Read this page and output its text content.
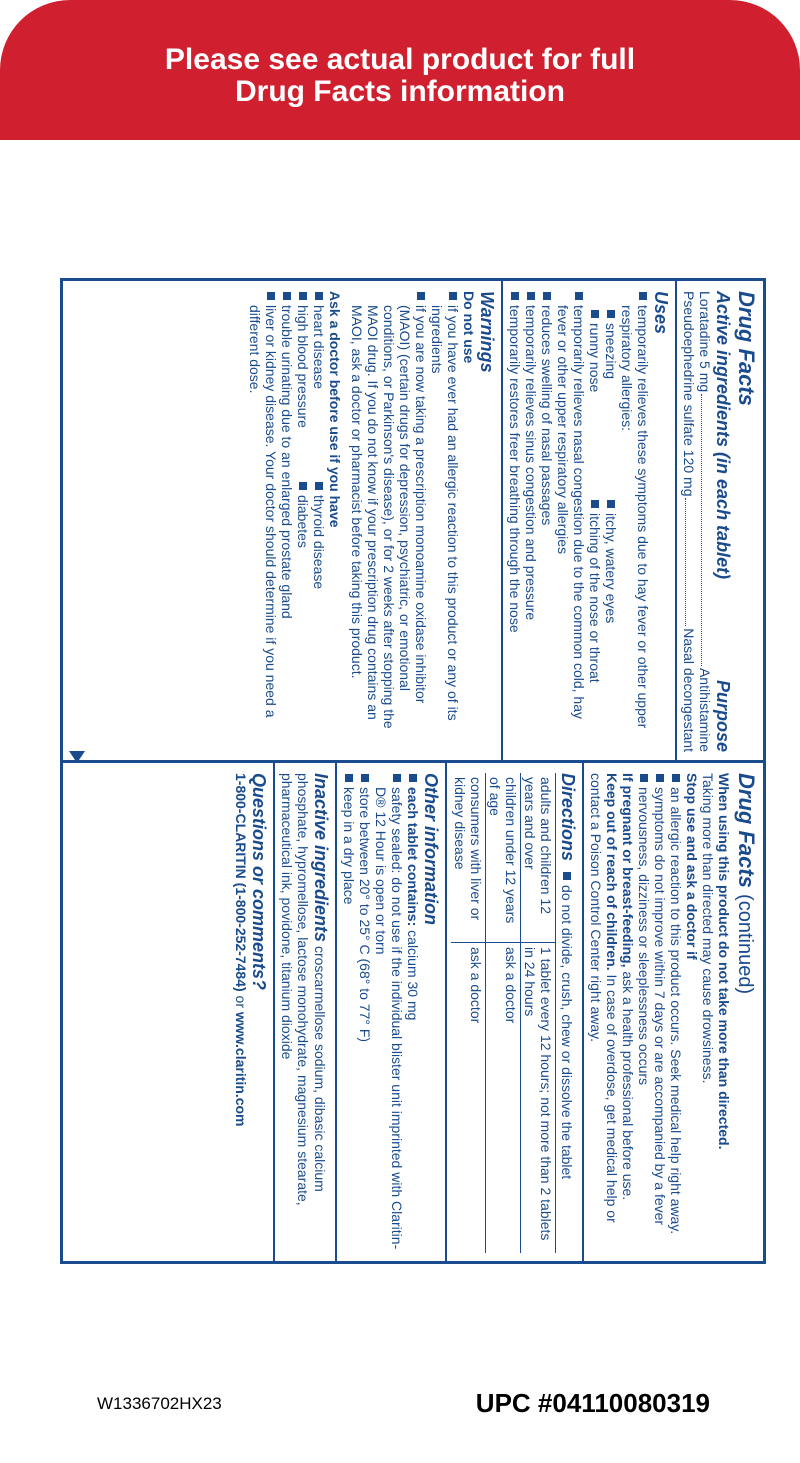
Please see actual product for full
Drug Facts information
Drug Facts
Active ingredients (in each tablet)
Purpose
Loratadine 5 mg
Antihistamine
Pseudoephedrine sulfate 120 mg
Nasal decongestant
Uses
temporarily relieves these symptoms due to hay fever or other upper respiratory allergies:
sneezing
itchy, watery eyes
runny nose
itching of the nose or throat
temporarily relieves nasal congestion due to the common cold, hay fever or other upper respiratory allergies
reduces swelling of nasal passages
temporarily relieves sinus congestion and pressure
temporarily restores freer breathing through the nose
Warnings
Do not use
if you have ever had an allergic reaction to this product or any of its ingredients
if you are now taking a prescription monoamine oxidase inhibitor (MAOI) (certain drugs for depression, psychiatric, or emotional conditions, or Parkinson's disease), or for 2 weeks after stopping the MAOI drug. If you do not know if your prescription drug contains an MAOI, ask a doctor or pharmacist before taking this product.
Ask a doctor before use if you have
heart disease
thyroid disease
high blood pressure
diabetes
trouble urinating due to an enlarged prostate gland
liver or kidney disease. Your doctor should determine if you need a different dose.
Drug Facts (continued)
When using this product do not take more than directed.
Taking more than directed may cause drowsiness.
Stop use and ask a doctor if
an allergic reaction to this product occurs. Seek medical help right away.
symptoms do not improve within 7 days or are accompanied by a fever
nervousness, dizziness or sleeplessness occurs
If pregnant or breast-feeding, ask a health professional before use.
Keep out of reach of children. In case of overdose, get medical help or contact a Poison Control Center right away.
Directions
do not divide, crush, chew or dissolve the tablet
adults and children 12 years and over
1 tablet every 12 hours; not more than 2 tablets in 24 hours
children under 12 years of age
ask a doctor
consumers with liver or kidney disease
ask a doctor
Other information
each tablet contains: calcium 30 mg
safety sealed: do not use if the individual blister unit imprinted with Claritin-D® 12 Hour is open or torn
store between 20° to 25° C (68° to 77° F)
keep in a dry place
Inactive ingredients croscarmellose sodium, dibasic calcium phosphate, hypromellose, lactose monohydrate, magnesium stearate, pharmaceutical ink, povidone, titanium dioxide
Questions or comments?
1-800-CLARITIN (1-800-252-7484) or www.claritin.com
W1336702HX23	UPC #04110080319
